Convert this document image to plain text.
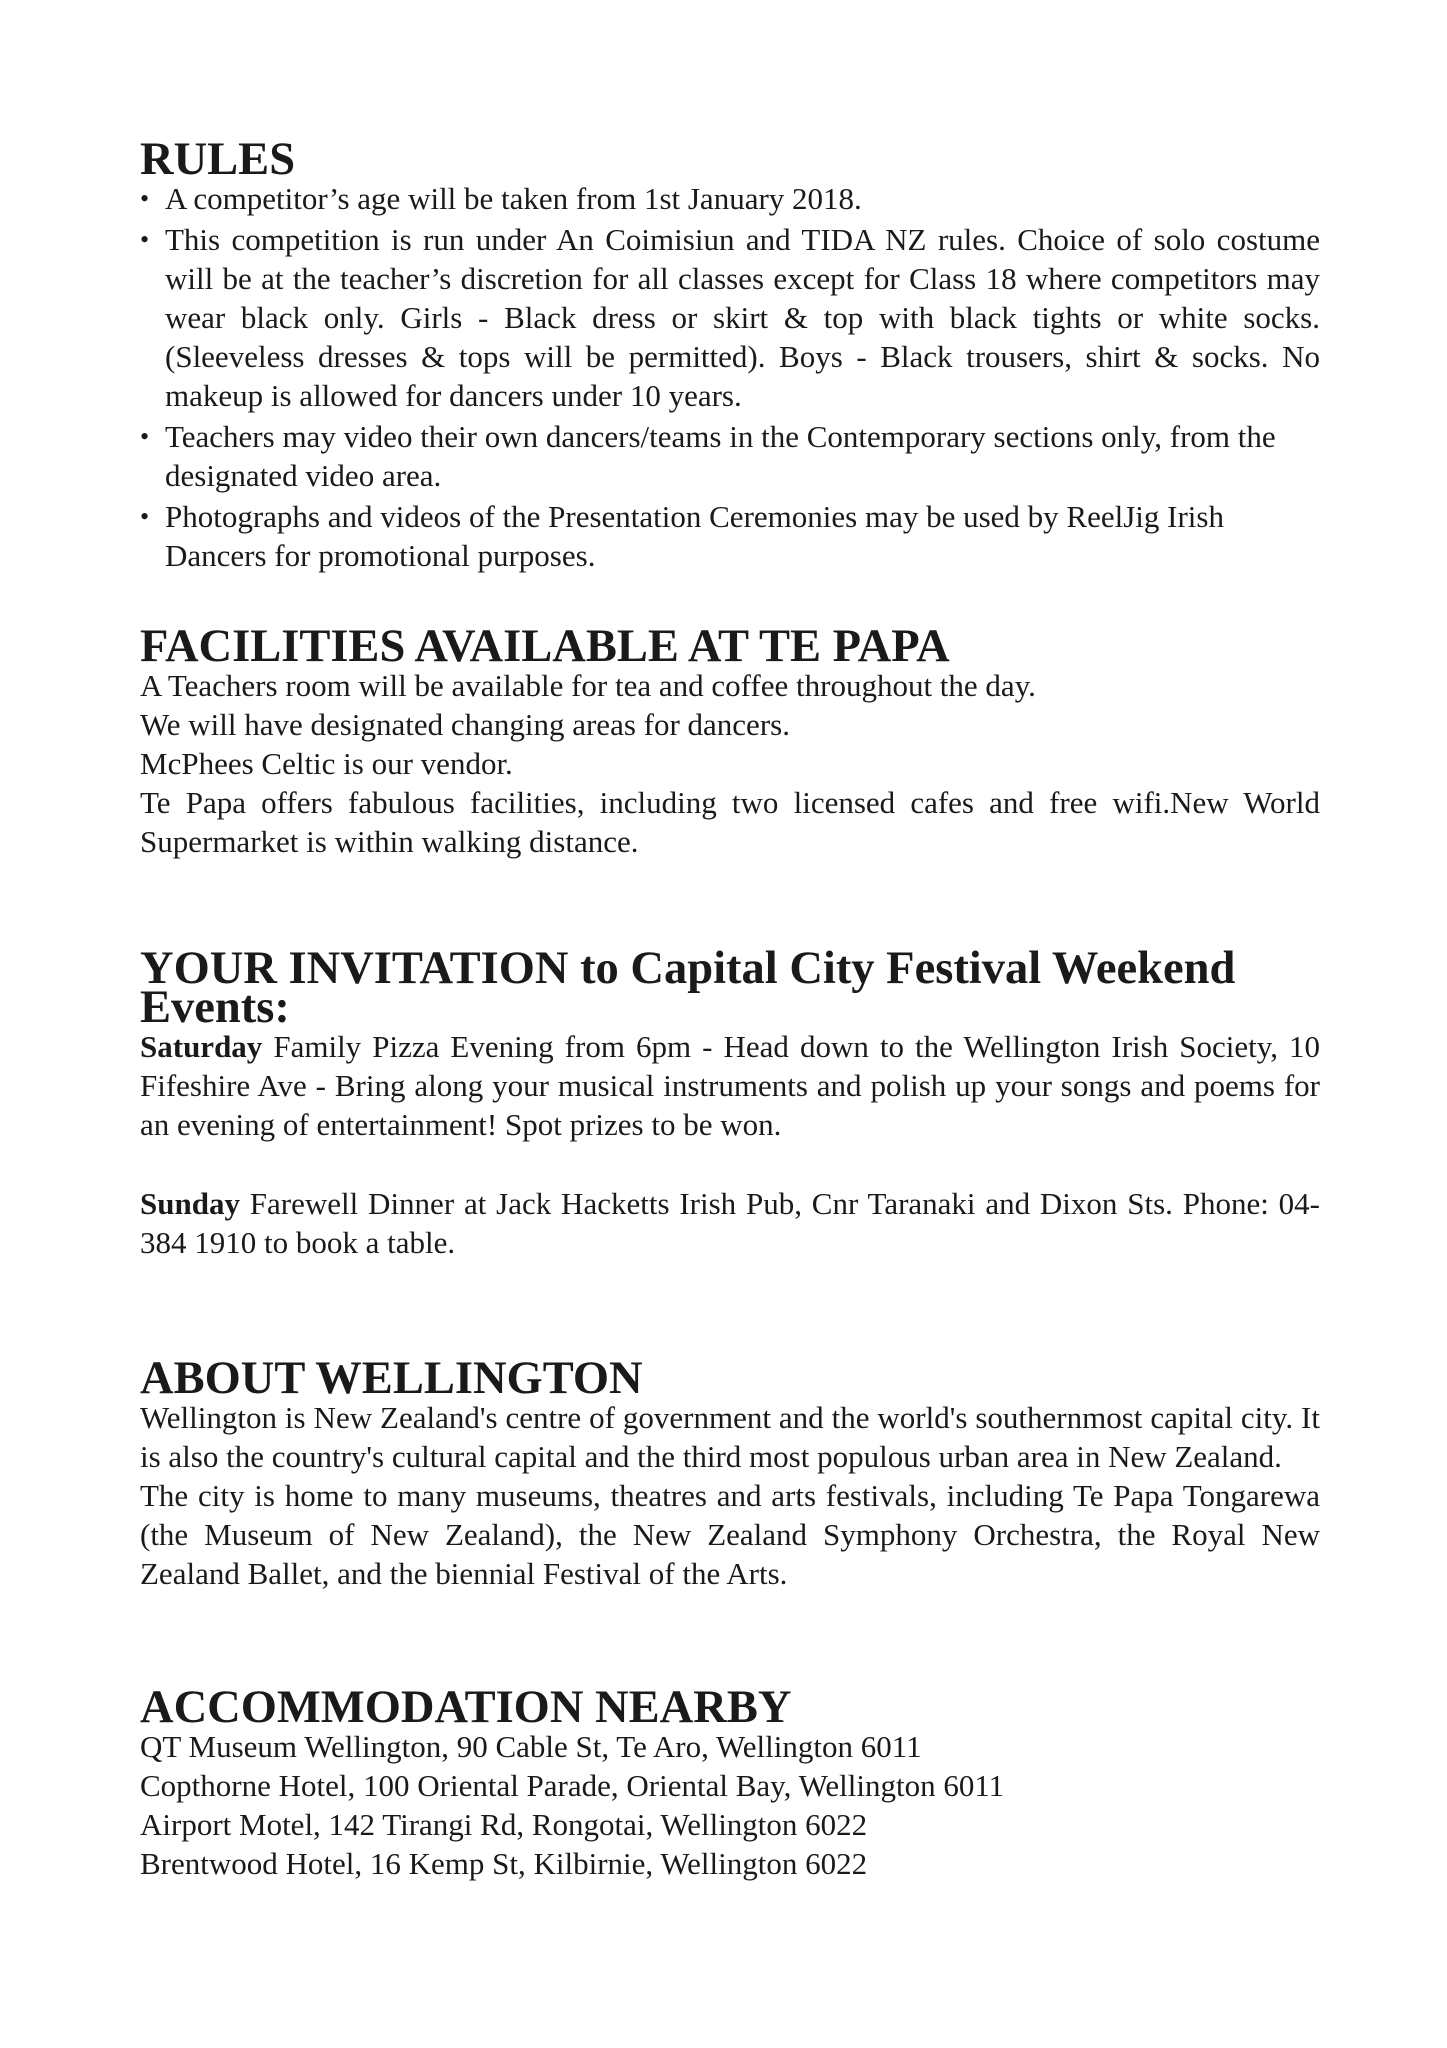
RULES
• A competitor’s age will be taken from 1st January 2018.
• This competition is run under An Coimisiun and TIDA NZ rules. Choice of solo costume will be at the teacher’s discretion for all classes except for Class 18 where competitors may wear black only. Girls - Black dress or skirt & top with black tights or white socks. (Sleeveless dresses & tops will be permitted). Boys - Black trousers, shirt & socks. No makeup is allowed for dancers under 10 years.
• Teachers may video their own dancers/teams in the Contemporary sections only, from the designated video area.
• Photographs and videos of the Presentation Ceremonies may be used by ReelJig Irish Dancers for promotional purposes.
FACILITIES AVAILABLE AT TE PAPA

A Teachers room will be available for tea and coffee throughout the day.

We will have designated changing areas for dancers.

McPhees Celtic is our vendor.

Te Papa offers fabulous facilities, including two licensed cafes and free wifi.New World Supermarket is within walking distance.

YOUR INVITATION to Capital City Festival Weekend Events:

Saturday Family Pizza Evening from 6pm - Head down to the Wellington Irish Society, 10 Fifeshire Ave - Bring along your musical instruments and polish up your songs and poems for an evening of entertainment! Spot prizes to be won.

Sunday Farewell Dinner at Jack Hacketts Irish Pub, Cnr Taranaki and Dixon Sts. Phone: 04-384 1910 to book a table.

ABOUT WELLINGTON

Wellington is New Zealand's centre of government and the world's southernmost capital city. It is also the country's cultural capital and the third most populous urban area in New Zealand.

The city is home to many museums, theatres and arts festivals, including Te Papa Tongarewa (the Museum of New Zealand), the New Zealand Symphony Orchestra, the Royal New Zealand Ballet, and the biennial Festival of the Arts.

ACCOMMODATION NEARBY

QT Museum Wellington, 90 Cable St, Te Aro, Wellington 6011

Copthorne Hotel, 100 Oriental Parade, Oriental Bay, Wellington 6011

Airport Motel, 142 Tirangi Rd, Rongotai, Wellington 6022

Brentwood Hotel, 16 Kemp St, Kilbirnie, Wellington 6022
